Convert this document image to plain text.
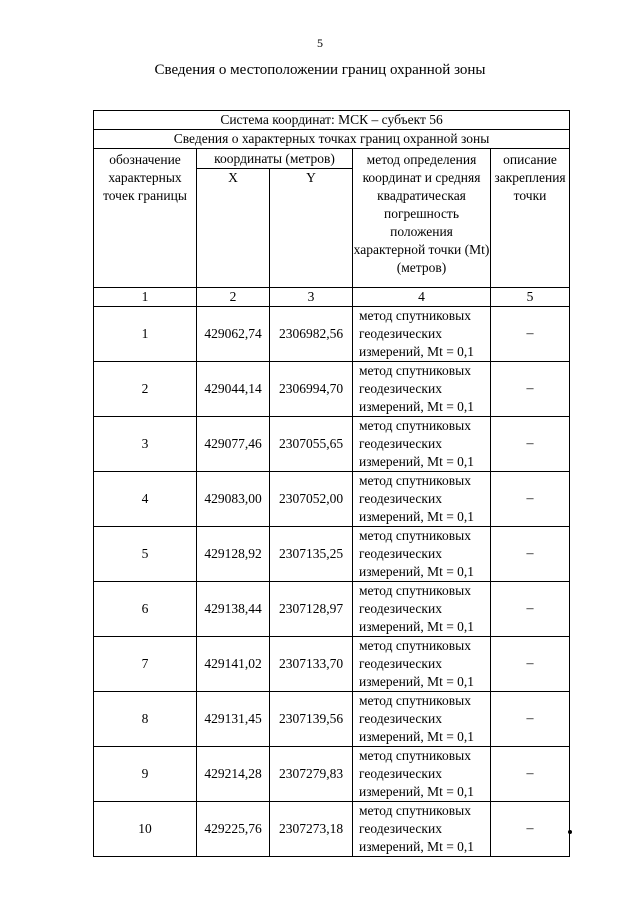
5
Сведения о местоположении границ охранной зоны
Система координат: МСК – субъект 56				
Сведения о характерных точках границ охранной зоны				
обозначение характерных точек границы	координаты (метров)		метод определения координат и средняя квадратическая погрешность положения характерной точки (Mt) (метров)	описание закрепления точки
	X	Y		
1	2	3	4	5
1	429062,74	2306982,56	метод спутниковых
геодезических
измерений, Mt = 0,1	–
2	429044,14	2306994,70	метод спутниковых
геодезических
измерений, Mt = 0,1	–
3	429077,46	2307055,65	метод спутниковых
геодезических
измерений, Mt = 0,1	–
4	429083,00	2307052,00	метод спутниковых
геодезических
измерений, Mt = 0,1	–
5	429128,92	2307135,25	метод спутниковых
геодезических
измерений, Mt = 0,1	–
6	429138,44	2307128,97	метод спутниковых
геодезических
измерений, Mt = 0,1	–
7	429141,02	2307133,70	метод спутниковых
геодезических
измерений, Mt = 0,1	–
8	429131,45	2307139,56	метод спутниковых
геодезических
измерений, Mt = 0,1	–
9	429214,28	2307279,83	метод спутниковых
геодезических
измерений, Mt = 0,1	–
10	429225,76	2307273,18	метод спутниковых
геодезических
измерений, Mt = 0,1	–
